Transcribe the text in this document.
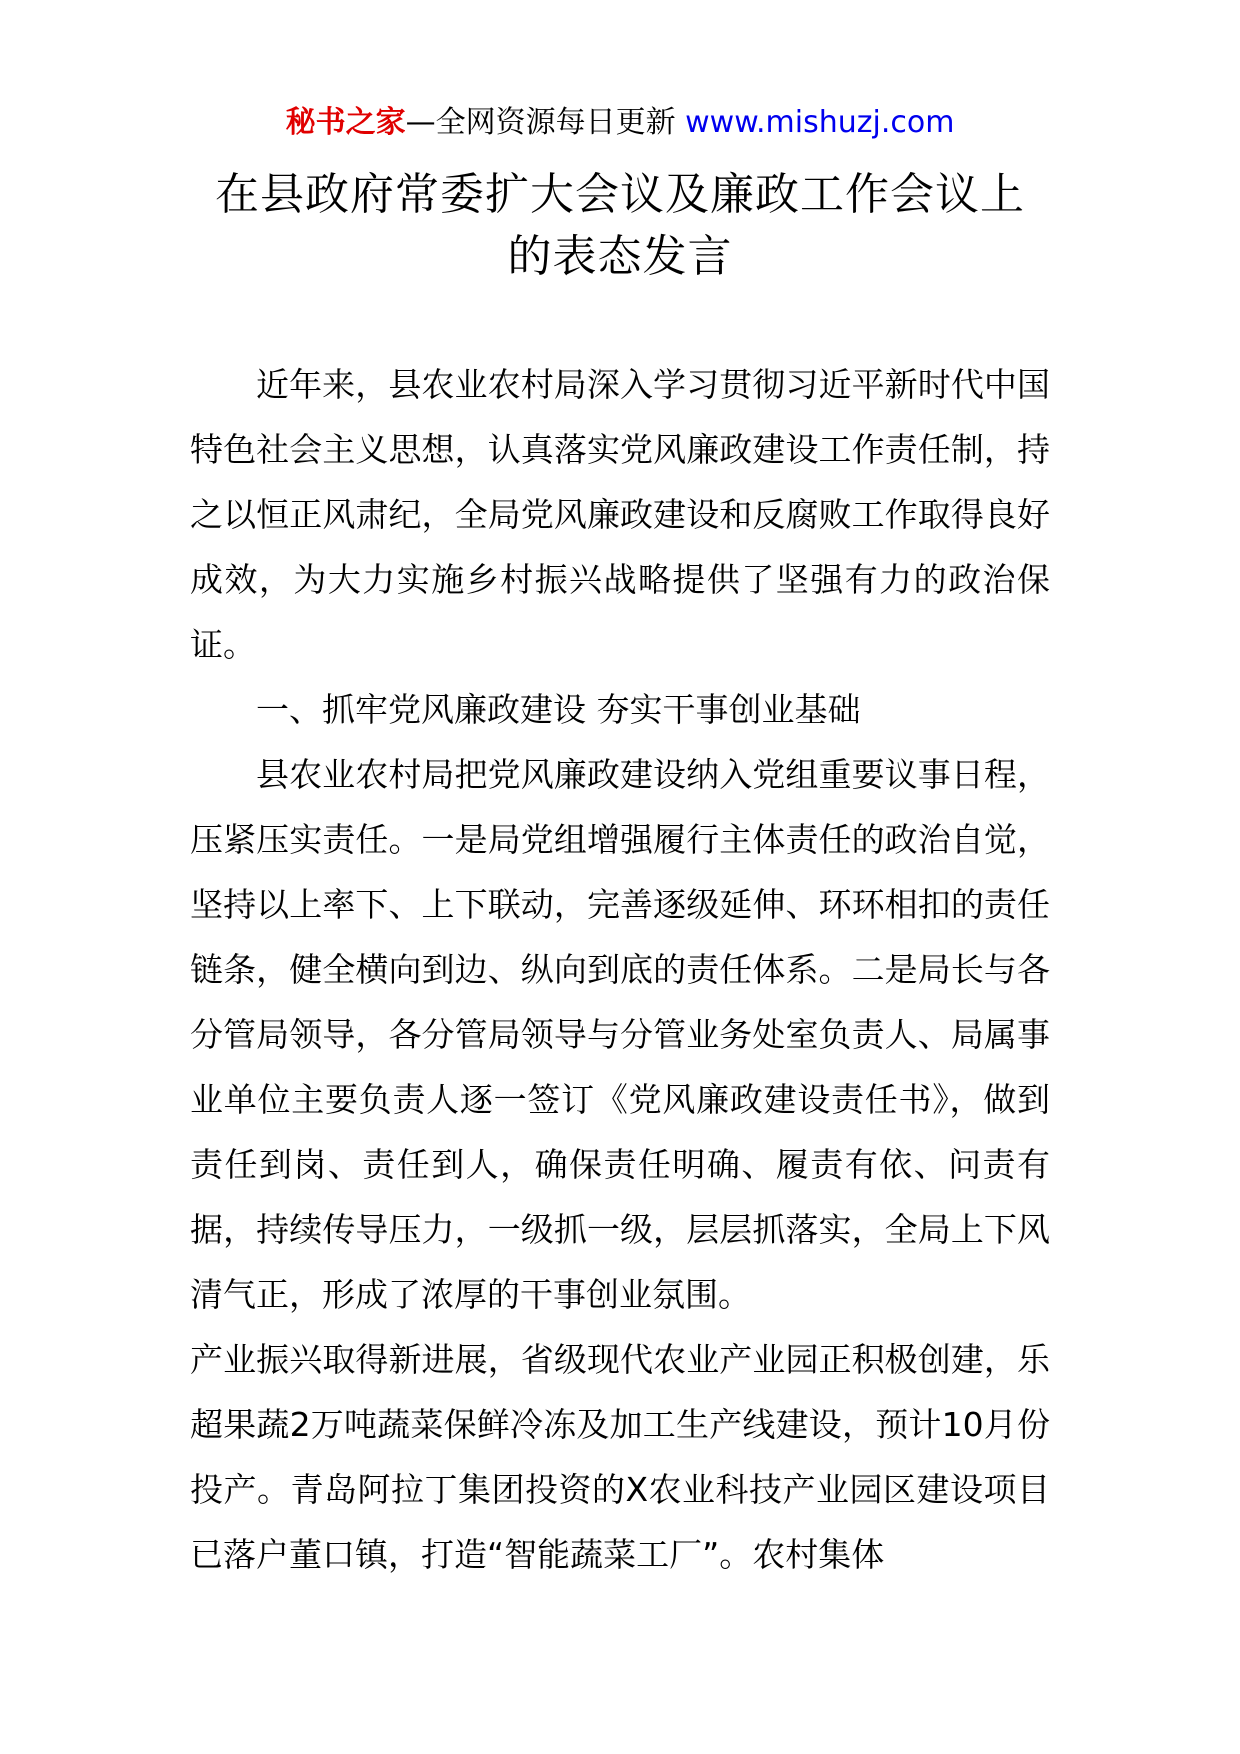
秘书之家—全网资源每日更新 www.mishuzj.com
在县政府常委扩大会议及廉政工作会议上
的表态发言

近年来，县农业农村局深入学习贯彻习近平新时代中国特色社会主义思想，认真落实党风廉政建设工作责任制，持之以恒正风肃纪，全局党风廉政建设和反腐败工作取得良好成效，为大力实施乡村振兴战略提供了坚强有力的政治保证。

一、抓牢党风廉政建设 夯实干事创业基础

县农业农村局把党风廉政建设纳入党组重要议事日程，压紧压实责任。一是局党组增强履行主体责任的政治自觉，坚持以上率下、上下联动，完善逐级延伸、环环相扣的责任链条，健全横向到边、纵向到底的责任体系。二是局长与各分管局领导，各分管局领导与分管业务处室负责人、局属事业单位主要负责人逐一签订《党风廉政建设责任书》，做到责任到岗、责任到人，确保责任明确、履责有依、问责有据，持续传导压力，一级抓一级，层层抓落实，全局上下风清气正，形成了浓厚的干事创业氛围。

产业振兴取得新进展，省级现代农业产业园正积极创建，乐超果蔬2万吨蔬菜保鲜冷冻及加工生产线建设，预计10月份投产。青岛阿拉丁集团投资的X农业科技产业园区建设项目已落户董口镇，打造“智能蔬菜工厂”。农村集体
